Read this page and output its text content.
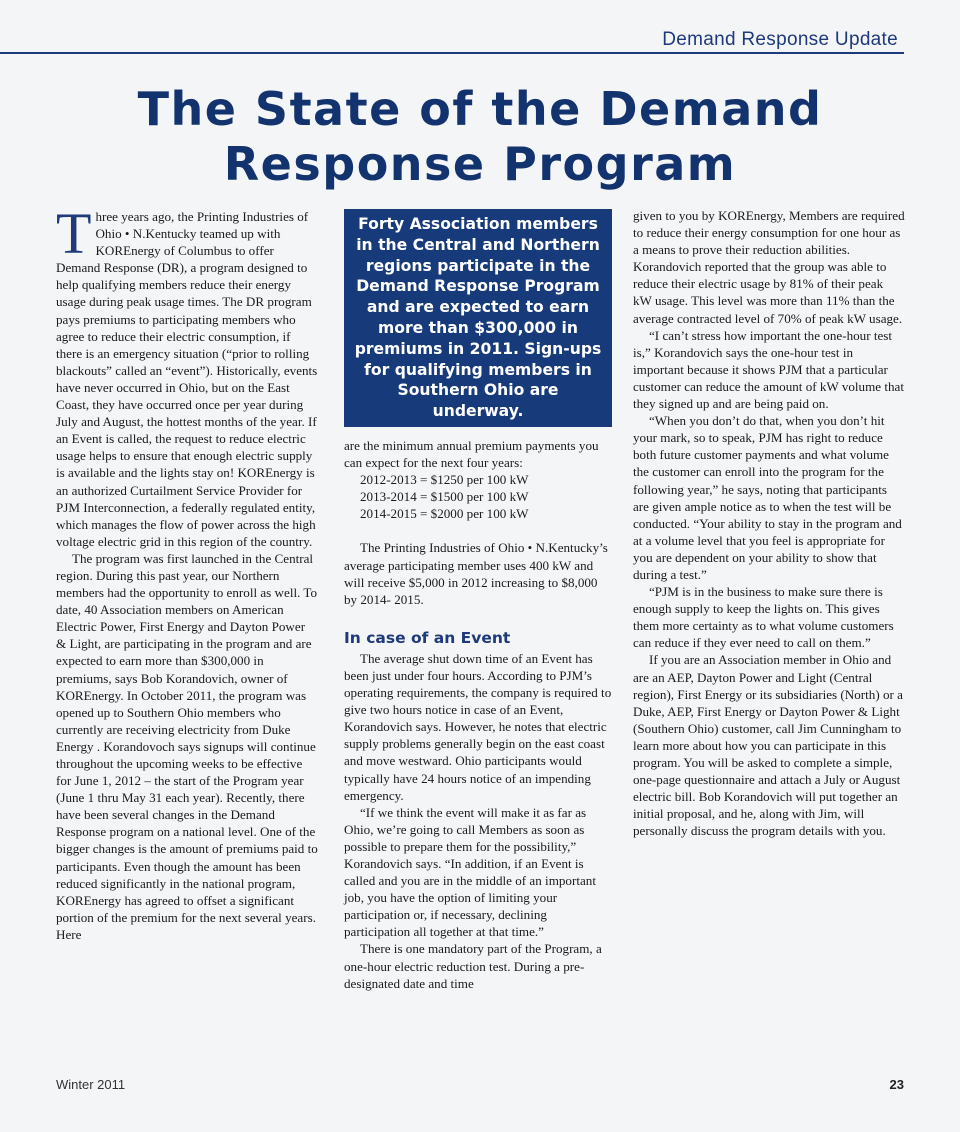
Demand Response Update
The State of the Demand
Response Program

Three years ago, the Printing Industries of Ohio • N.Kentucky teamed up with KOREnergy of Columbus to offer Demand Response (DR), a program designed to help qualifying members reduce their energy usage during peak usage times. The DR program pays premiums to participating members who agree to reduce their electric consumption, if there is an emergency situation (“prior to rolling blackouts” called an “event”). Historically, events have never occurred in Ohio, but on the East Coast, they have occurred once per year during July and August, the hottest months of the year. If an Event is called, the request to reduce electric usage helps to ensure that enough electric supply is available and the lights stay on! KOREnergy is an authorized Curtailment Service Provider for PJM Interconnection, a federally regulated entity, which manages the flow of power across the high voltage electric grid in this region of the country.

The program was first launched in the Central region. During this past year, our Northern members had the opportunity to enroll as well. To date, 40 Association members on American Electric Power, First Energy and Dayton Power & Light, are participating in the program and are expected to earn more than $300,000 in premiums, says Bob Korandovich, owner of KOREnergy. In October 2011, the program was opened up to Southern Ohio members who currently are receiving electricity from Duke Energy . Korandovoch says signups will continue throughout the upcoming weeks to be effective for June 1, 2012 – the start of the Program year (June 1 thru May 31 each year). Recently, there have been several changes in the Demand Response program on a national level. One of the bigger changes is the amount of premiums paid to participants. Even though the amount has been reduced significantly in the national program, KOREnergy has agreed to offset a significant portion of the premium for the next several years. Here

Forty Association members in the Central and Northern regions participate in the Demand Response Program and are expected to earn more than $300,000 in premiums in 2011. Sign-ups for qualifying members in Southern Ohio are underway.

are the minimum annual premium payments you can expect for the next four years:

2012-2013 = $1250 per 100 kW
2013-2014 = $1500 per 100 kW
2014-2015 = $2000 per 100 kW

The Printing Industries of Ohio • N.Kentucky’s average participating member uses 400 kW and will receive $5,000 in 2012 increasing to $8,000 by 2014- 2015.

In case of an Event

The average shut down time of an Event has been just under four hours. According to PJM’s operating requirements, the company is required to give two hours notice in case of an Event, Korandovich says. However, he notes that electric supply problems generally begin on the east coast and move westward. Ohio participants would typically have 24 hours notice of an impending emergency.

“If we think the event will make it as far as Ohio, we’re going to call Members as soon as possible to prepare them for the possibility,” Korandovich says. “In addition, if an Event is called and you are in the middle of an important job, you have the option of limiting your participation or, if necessary, declining participation all together at that time.”

There is one mandatory part of the Program, a one-hour electric reduction test. During a pre-designated date and time

given to you by KOREnergy, Members are required to reduce their energy consumption for one hour as a means to prove their reduction abilities. Korandovich reported that the group was able to reduce their electric usage by 81% of their peak kW usage. This level was more than 11% than the average contracted level of 70% of peak kW usage.

“I can’t stress how important the one-hour test is,” Korandovich says the one-hour test in important because it shows PJM that a particular customer can reduce the amount of kW volume that they signed up and are being paid on.

“When you don’t do that, when you don’t hit your mark, so to speak, PJM has right to reduce both future customer payments and what volume the customer can enroll into the program for the following year,” he says, noting that participants are given ample notice as to when the test will be conducted. “Your ability to stay in the program and at a volume level that you feel is appropriate for you are dependent on your ability to show that during a test.”

“PJM is in the business to make sure there is enough supply to keep the lights on. This gives them more certainty as to what volume customers can reduce if they ever need to call on them.”

If you are an Association member in Ohio and are an AEP, Dayton Power and Light (Central region), First Energy or its subsidiaries (North) or a Duke, AEP, First Energy or Dayton Power & Light (Southern Ohio) customer, call Jim Cunningham to learn more about how you can participate in this program. You will be asked to complete a simple, one-page questionnaire and attach a July or August electric bill. Bob Korandovich will put together an initial proposal, and he, along with Jim, will personally discuss the program details with you.

Winter 2011	23
